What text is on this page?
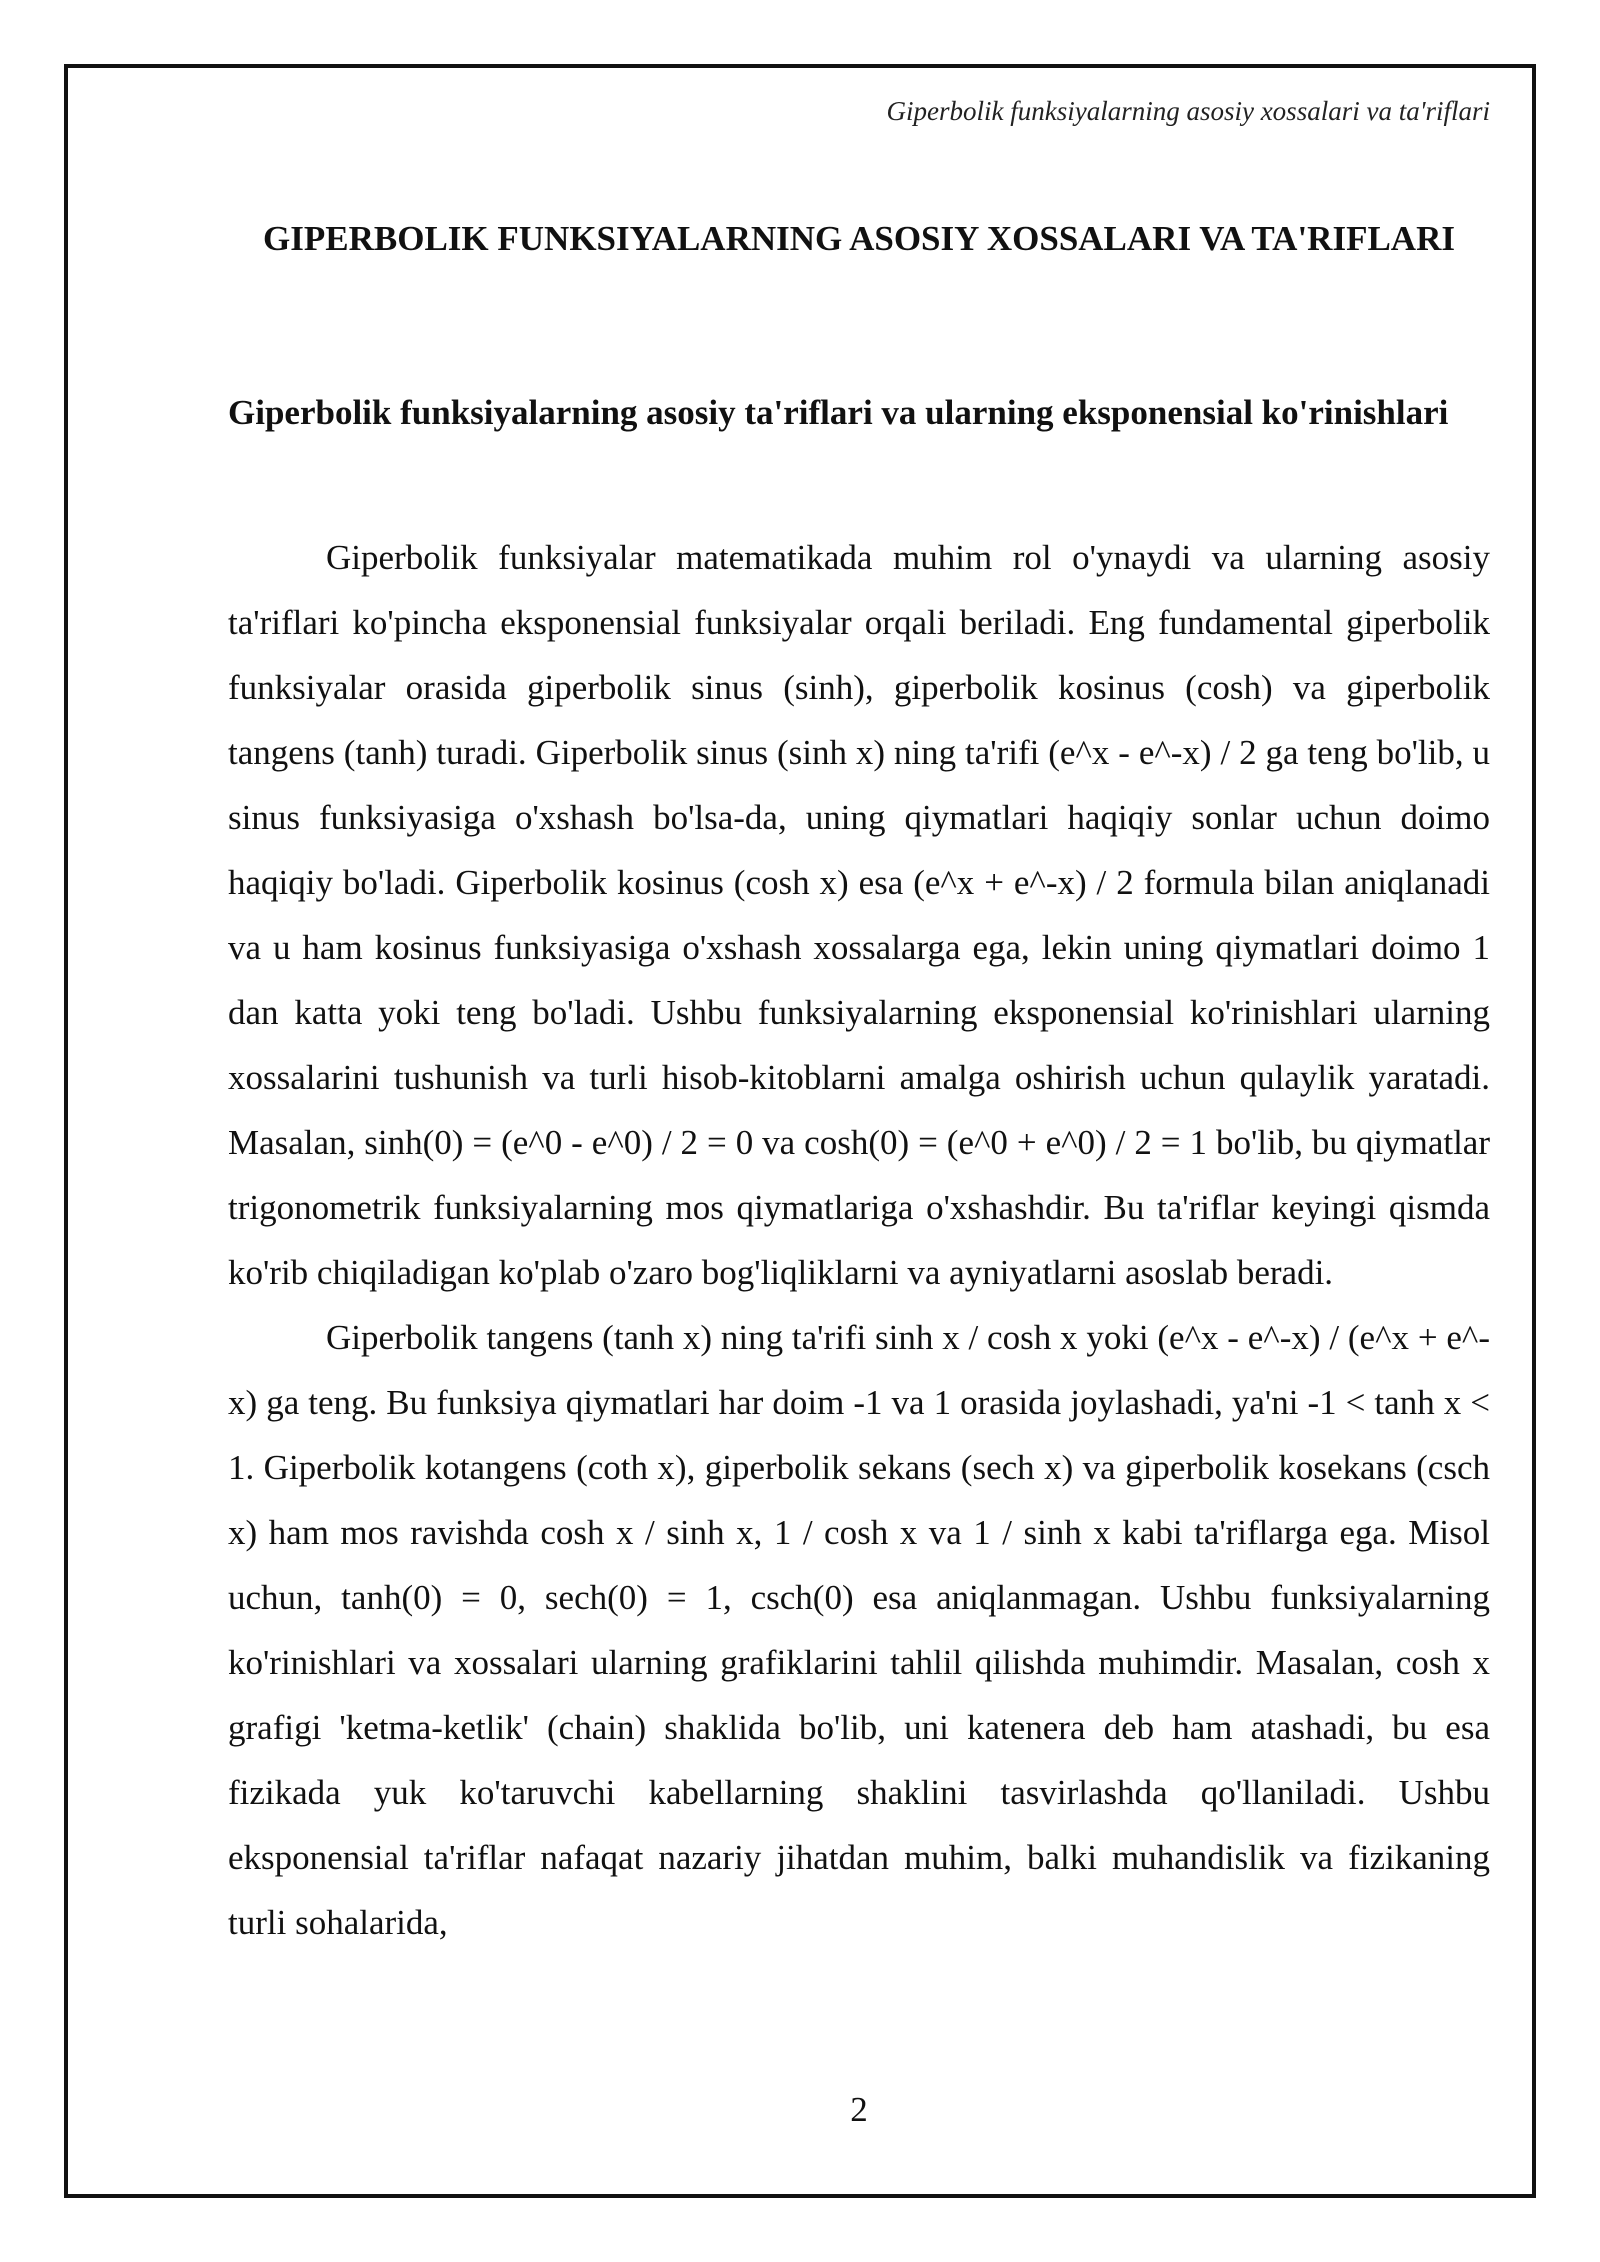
Giperbolik funksiyalarning asosiy xossalari va ta'riflari
GIPERBOLIK FUNKSIYALARNING ASOSIY XOSSALARI VA TA'RIFLARI
Giperbolik funksiyalarning asosiy ta'riflari va ularning eksponensial ko'rinishlari

Giperbolik funksiyalar matematikada muhim rol o'ynaydi va ularning asosiy ta'riflari ko'pincha eksponensial funksiyalar orqali beriladi. Eng fundamental giperbolik funksiyalar orasida giperbolik sinus (sinh), giperbolik kosinus (cosh) va giperbolik tangens (tanh) turadi. Giperbolik sinus (sinh x) ning ta'rifi (e^x - e^-x) / 2 ga teng bo'lib, u sinus funksiyasiga o'xshash bo'lsa-da, uning qiymatlari haqiqiy sonlar uchun doimo haqiqiy bo'ladi. Giperbolik kosinus (cosh x) esa (e^x + e^-x) / 2 formula bilan aniqlanadi va u ham kosinus funksiyasiga o'xshash xossalarga ega, lekin uning qiymatlari doimo 1 dan katta yoki teng bo'ladi. Ushbu funksiyalarning eksponensial ko'rinishlari ularning xossalarini tushunish va turli hisob-kitoblarni amalga oshirish uchun qulaylik yaratadi. Masalan, sinh(0) = (e^0 - e^0) / 2 = 0 va cosh(0) = (e^0 + e^0) / 2 = 1 bo'lib, bu qiymatlar trigonometrik funksiyalarning mos qiymatlariga o'xshashdir. Bu ta'riflar keyingi qismda ko'rib chiqiladigan ko'plab o'zaro bog'liqliklarni va ayniyatlarni asoslab beradi.

Giperbolik tangens (tanh x) ning ta'rifi sinh x / cosh x yoki (e^x - e^-x) / (e^x + e^-x) ga teng. Bu funksiya qiymatlari har doim -1 va 1 orasida joylashadi, ya'ni -1 < tanh x < 1. Giperbolik kotangens (coth x), giperbolik sekans (sech x) va giperbolik kosekans (csch x) ham mos ravishda cosh x / sinh x, 1 / cosh x va 1 / sinh x kabi ta'riflarga ega. Misol uchun, tanh(0) = 0, sech(0) = 1, csch(0) esa aniqlanmagan. Ushbu funksiyalarning ko'rinishlari va xossalari ularning grafiklarini tahlil qilishda muhimdir. Masalan, cosh x grafigi 'ketma-ketlik' (chain) shaklida bo'lib, uni katenera deb ham atashadi, bu esa fizikada yuk ko'taruvchi kabellarning shaklini tasvirlashda qo'llaniladi. Ushbu eksponensial ta'riflar nafaqat nazariy jihatdan muhim, balki muhandislik va fizikaning turli sohalarida,

2
